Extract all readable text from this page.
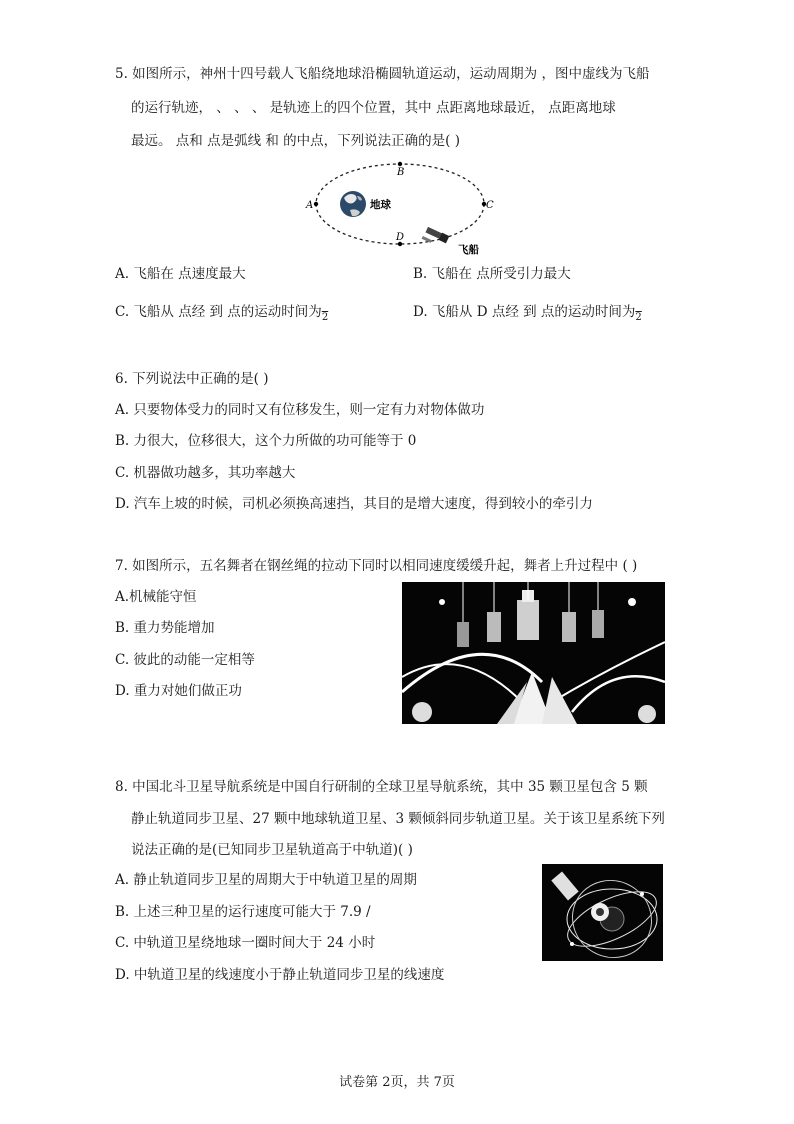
5. 如图所示，神州十四号载人飞船绕地球沿椭圆轨道运动，运动周期为 ，图中虚线为飞船
的运行轨迹， 、 、 、 是轨迹上的四个位置，其中 点距离地球最近， 点距离地球
最远。 点和 点是弧线 和 的中点，下列说法正确的是( )
A
B
C
D
地球
飞船
A. 飞船在 点速度最大	B. 飞船在 点所受引力最大
C. 飞船从 点经 到 点的运动时间为$_2$	D. 飞船从 D 点经 到 点的运动时间为$_2$
6. 下列说法中正确的是( )
A. 只要物体受力的同时又有位移发生，则一定有力对物体做功
B. 力很大，位移很大，这个力所做的功可能等于 0
C. 机器做功越多，其功率越大
D. 汽车上坡的时候，司机必须换高速挡，其目的是增大速度，得到较小的牵引力
7. 如图所示，五名舞者在钢丝绳的拉动下同时以相同速度缓缓升起，舞者上升过程中 ( )
A.机械能守恒
B. 重力势能增加
C. 彼此的动能一定相等
D. 重力对她们做正功
8. 中国北斗卫星导航系统是中国自行研制的全球卫星导航系统，其中 35 颗卫星包含 5 颗
静止轨道同步卫星、27 颗中地球轨道卫星、3 颗倾斜同步轨道卫星。关于该卫星系统下列
说法正确的是(已知同步卫星轨道高于中轨道)( )
A. 静止轨道同步卫星的周期大于中轨道卫星的周期
B. 上述三种卫星的运行速度可能大于 7.9 /
C. 中轨道卫星绕地球一圈时间大于 24 小时
D. 中轨道卫星的线速度小于静止轨道同步卫星的线速度
试卷第 2页，共 7页
